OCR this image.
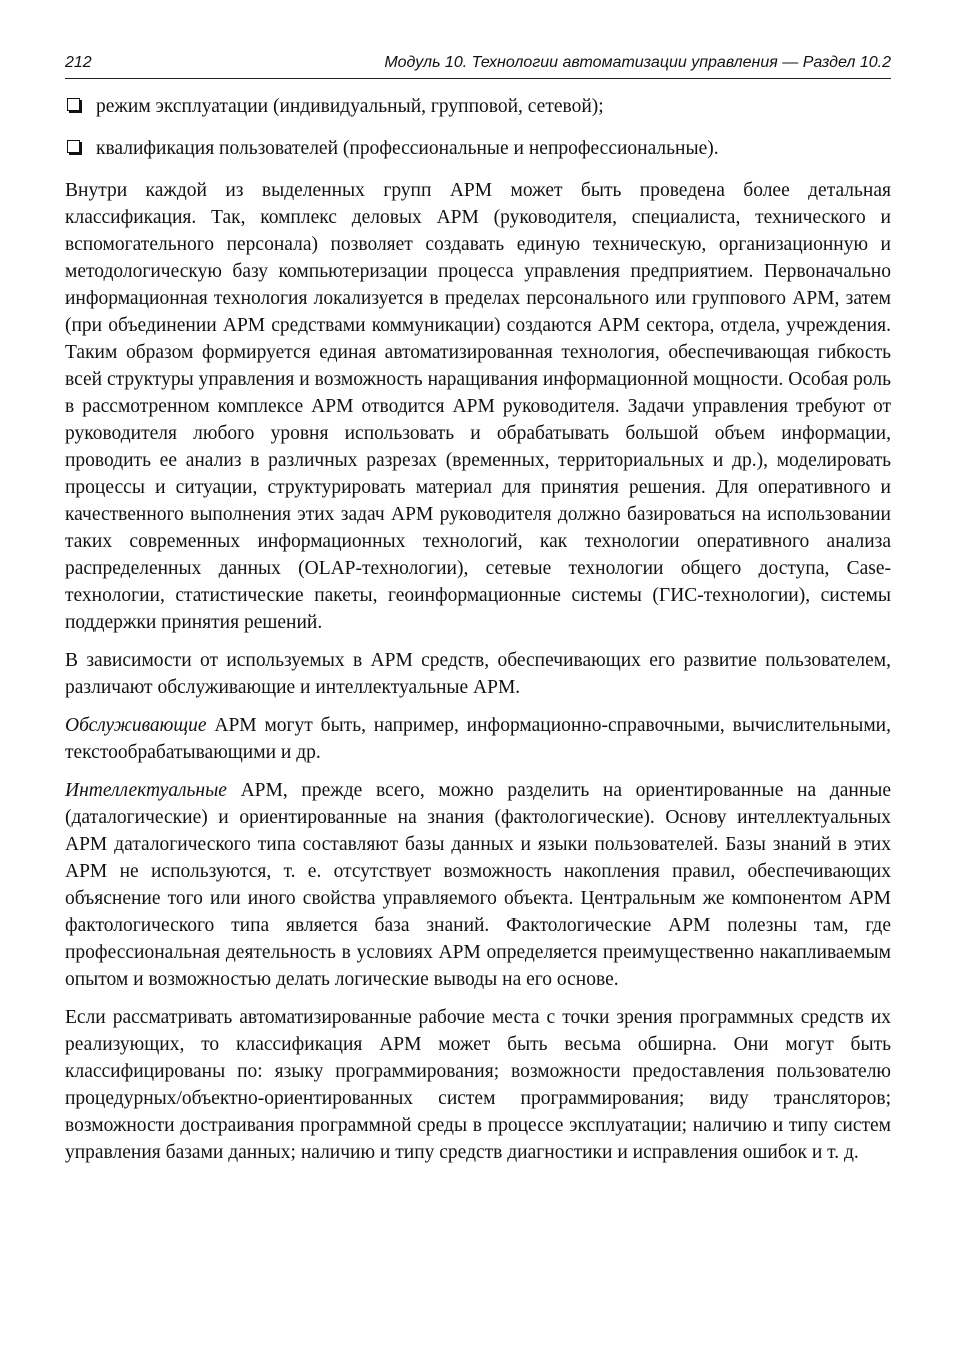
212	Модуль 10. Технологии автоматизации управления — Раздел 10.2
режим эксплуатации (индивидуальный, групповой, сетевой);
квалификация пользователей (профессиональные и непрофессиональные).

Внутри каждой из выделенных групп АРМ может быть проведена более детальная классификация. Так, комплекс деловых АРМ (руководителя, специалиста, технического и вспомогательного персонала) позволяет создавать единую техническую, организационную и методологическую базу компьютеризации процесса управления предприятием. Первоначально информационная технология локализуется в пределах персонального или группового АРМ, затем (при объединении АРМ средствами коммуникации) создаются АРМ сектора, отдела, учреждения. Таким образом формируется единая автоматизированная технология, обеспечивающая гибкость всей структуры управления и возможность наращивания информационной мощности. Особая роль в рассмотренном комплексе АРМ отводится АРМ руководителя. Задачи управления требуют от руководителя любого уровня использовать и обрабатывать большой объем информации, проводить ее анализ в различных разрезах (временных, территориальных и др.), моделировать процессы и ситуации, структурировать материал для принятия решения. Для оперативного и качественного выполнения этих задач АРМ руководителя должно базироваться на использовании таких современных информационных технологий, как технологии оперативного анализа распределенных данных (OLAP-технологии), сетевые технологии общего доступа, Case-технологии, статистические пакеты, геоинформационные системы (ГИС-технологии), системы поддержки принятия решений.

В зависимости от используемых в АРМ средств, обеспечивающих его развитие пользователем, различают обслуживающие и интеллектуальные АРМ.

Обслуживающие АРМ могут быть, например, информационно-справочными, вычислительными, текстообрабатывающими и др.

Интеллектуальные АРМ, прежде всего, можно разделить на ориентированные на данные (даталогические) и ориентированные на знания (фактологические). Основу интеллектуальных АРМ даталогического типа составляют базы данных и языки пользователей. Базы знаний в этих АРМ не используются, т. е. отсутствует возможность накопления правил, обеспечивающих объяснение того или иного свойства управляемого объекта. Центральным же компонентом АРМ фактологического типа является база знаний. Фактологические АРМ полезны там, где профессиональная деятельность в условиях АРМ определяется преимущественно накапливаемым опытом и возможностью делать логические выводы на его основе.

Если рассматривать автоматизированные рабочие места с точки зрения программных средств их реализующих, то классификация АРМ может быть весьма обширна. Они могут быть классифицированы по: языку программирования; возможности предоставления пользователю процедурных/объектно-ориентированных систем программирования; виду трансляторов; возможности достраивания программной среды в процессе эксплуатации; наличию и типу систем управления базами данных; наличию и типу средств диагностики и исправления ошибок и т. д.
